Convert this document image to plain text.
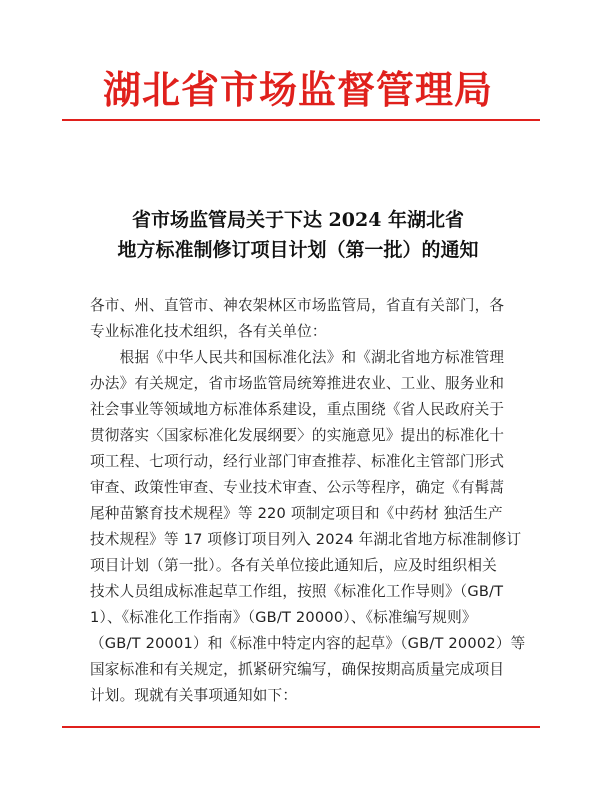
湖北省市场监督管理局
省市场监管局关于下达 2024 年湖北省
地方标准制修订项目计划（第一批）的通知
各市、州、直管市、神农架林区市场监管局，省直有关部门，各
专业标准化技术组织，各有关单位：
　　根据《中华人民共和国标准化法》和《湖北省地方标准管理
办法》有关规定，省市场监管局统筹推进农业、工业、服务业和
社会事业等领域地方标准体系建设，重点围绕《省人民政府关于
贯彻落实〈国家标准化发展纲要〉的实施意见》提出的标准化十
项工程、七项行动，经行业部门审查推荐、标准化主管部门形式
审查、政策性审查、专业技术审查、公示等程序，确定《有髯蒿
尾种苗繁育技术规程》等 220 项制定项目和《中药材 独活生产
技术规程》等 17 项修订项目列入 2024 年湖北省地方标准制修订
项目计划（第一批）。各有关单位接此通知后，应及时组织相关
技术人员组成标准起草工作组，按照《标准化工作导则》（GB/T
1）、《标准化工作指南》（GB/T 20000）、《标准编写规则》
（GB/T 20001）和《标准中特定内容的起草》（GB/T 20002）等
国家标准和有关规定，抓紧研究编写，确保按期高质量完成项目
计划。现就有关事项通知如下：
